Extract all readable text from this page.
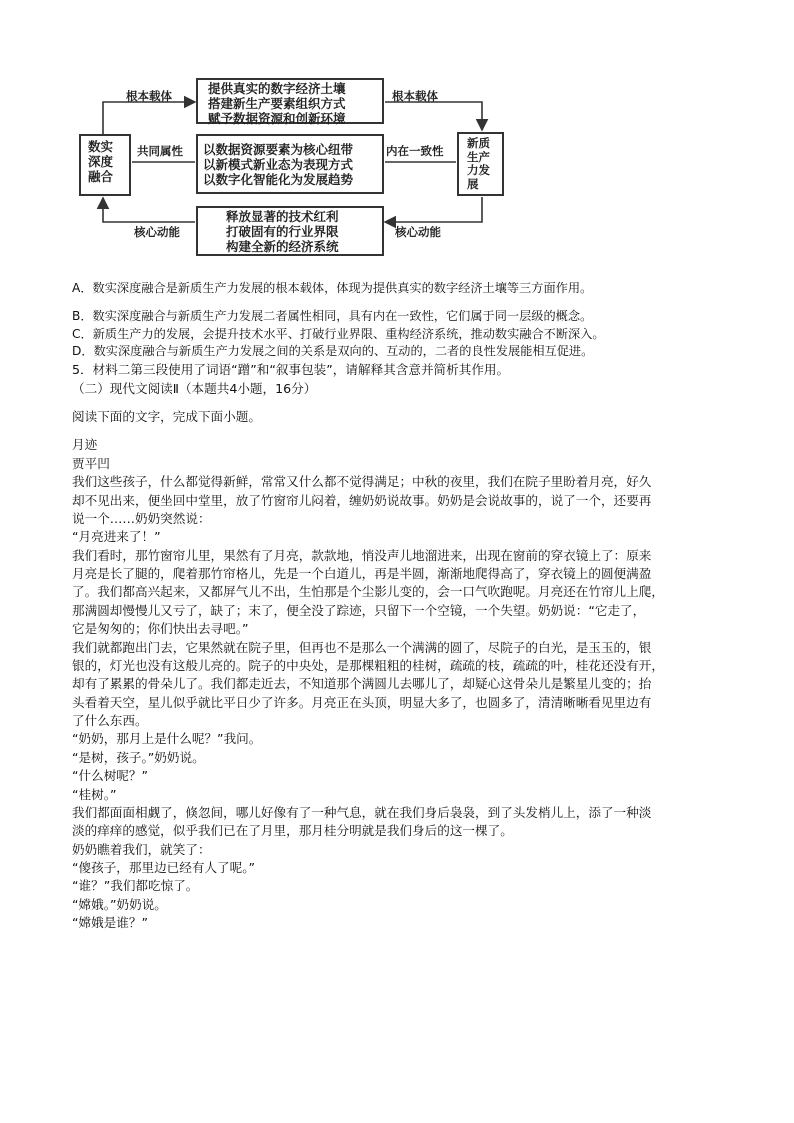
数实
深度
融合
新质
生产
力发
展
提供真实的数字经济土壤
搭建新生产要素组织方式
赋予数据资源和创新环境
以数据资源要素为核心纽带
以新模式新业态为表现方式
以数字化智能化为发展趋势
释放显著的技术红利
打破固有的行业界限
构建全新的经济系统
根本载体	根本载体
共同属性	内在一致性
核心动能	核心动能
A．数实深度融合是新质生产力发展的根本载体，体现为提供真实的数字经济土壤等三方面作用。
B．数实深度融合与新质生产力发展二者属性相同，具有内在一致性，它们属于同一层级的概念。
C．新质生产力的发展，会提升技术水平、打破行业界限、重构经济系统，推动数实融合不断深入。
D．数实深度融合与新质生产力发展之间的关系是双向的、互动的，二者的良性发展能相互促进。
5．材料二第三段使用了词语“蹭”和“叙事包装”，请解释其含意并简析其作用。
（二）现代文阅读Ⅱ（本题共4小题，16分）
阅读下面的文字，完成下面小题。
月迹
贾平凹
我们这些孩子，什么都觉得新鲜，常常又什么都不觉得满足；中秋的夜里，我们在院子里盼着月亮，好久
却不见出来，便坐回中堂里，放了竹窗帘儿闷着，缠奶奶说故事。奶奶是会说故事的，说了一个，还要再
说一个……奶奶突然说：
“月亮进来了！”
我们看时，那竹窗帘儿里，果然有了月亮，款款地，悄没声儿地溜进来，出现在窗前的穿衣镜上了：原来
月亮是长了腿的，爬着那竹帘格儿，先是一个白道儿，再是半圆，渐渐地爬得高了，穿衣镜上的圆便满盈
了。我们都高兴起来，又都屏气儿不出，生怕那是个尘影儿变的，会一口气吹跑呢。月亮还在竹帘儿上爬，
那满圆却慢慢儿又亏了，缺了；末了，便全没了踪迹，只留下一个空镜，一个失望。奶奶说：“它走了，
它是匆匆的；你们快出去寻吧。”
我们就都跑出门去，它果然就在院子里，但再也不是那么一个满满的圆了，尽院子的白光，是玉玉的，银
银的，灯光也没有这般儿亮的。院子的中央处，是那棵粗粗的桂树，疏疏的枝，疏疏的叶，桂花还没有开，
却有了累累的骨朵儿了。我们都走近去，不知道那个满圆儿去哪儿了，却疑心这骨朵儿是繁星儿变的；抬
头看着天空，星儿似乎就比平日少了许多。月亮正在头顶，明显大多了，也圆多了，清清晰晰看见里边有
了什么东西。
“奶奶，那月上是什么呢？”我问。
“是树，孩子。”奶奶说。
“什么树呢？”
“桂树。”
我们都面面相觑了，倏忽间，哪儿好像有了一种气息，就在我们身后袅袅，到了头发梢儿上，添了一种淡
淡的痒痒的感觉，似乎我们已在了月里，那月桂分明就是我们身后的这一棵了。
奶奶瞧着我们，就笑了：
“傻孩子，那里边已经有人了呢。”
“谁？”我们都吃惊了。
“嫦娥。”奶奶说。
“嫦娥是谁？”
